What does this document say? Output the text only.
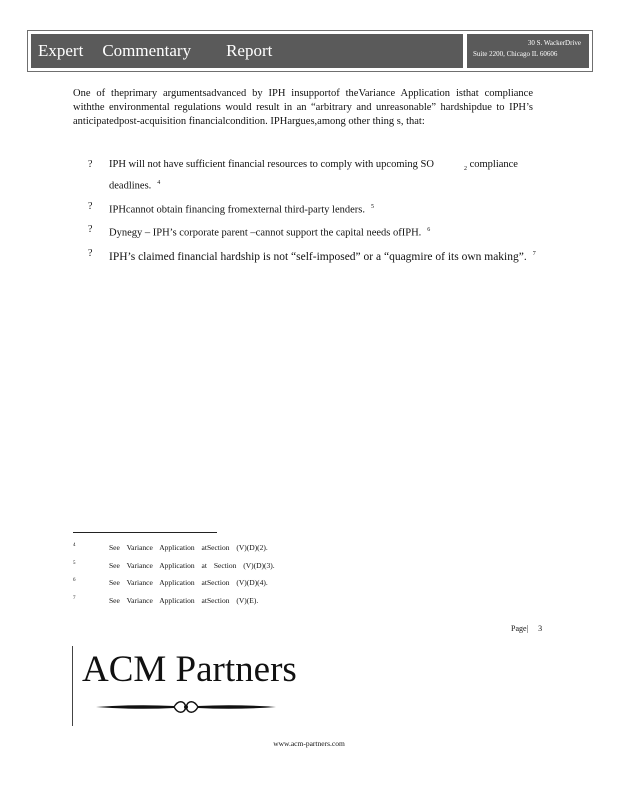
Expert Commentary Report	30 S. WackerDrive
Suite 2200, Chicago IL 60606
One of theprimary argumentsadvanced by IPH insupportof theVariance Application isthat compliance withthe environmental regulations would result in an “arbitrary and unreasonable” hardshipdue to IPH’s anticipatedpost-acquisition financialcondition. IPHargues,among other thing s, that:
? IPH will not have sufficient financial resources to comply with upcoming SO	$_2$ compliance deadlines. $^4$
? IPHcannot obtain financing fromexternal third-party lenders. $^5$
? Dynegy – IPH’s corporate parent –cannot support the capital needs ofIPH. $^6$
? IPH’s claimed financial hardship is not “self-imposed” or a “quagmire of its own making”. $^7$
4	See Variance Application atSection (V)(D)(2).
5	See Variance Application at Section (V)(D)(3).
6	See Variance Application atSection (V)(D)(4).
7	See Variance Application atSection (V)(E).
Page| 3
ACM Partners
www.acm-partners.com
